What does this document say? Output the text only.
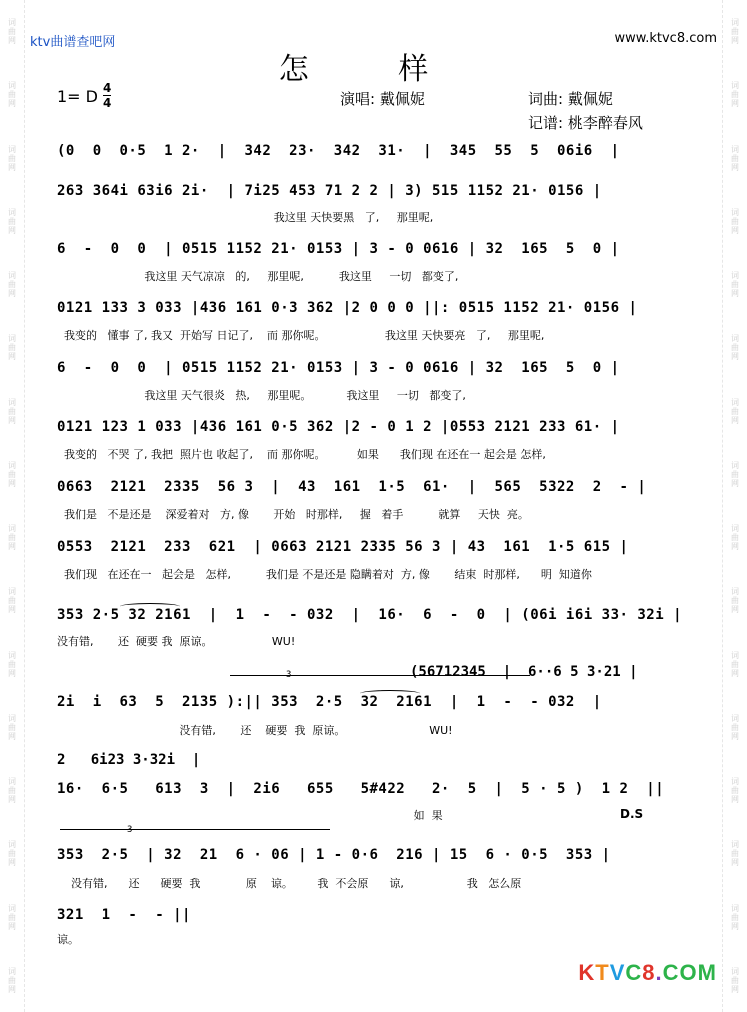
词曲网
词曲网
词曲网
词曲网
词曲网
词曲网
词曲网
词曲网
词曲网
词曲网
词曲网
词曲网
词曲网
词曲网
词曲网
词曲网
词曲网
词曲网
词曲网
词曲网
词曲网
词曲网
词曲网
词曲网
词曲网
词曲网
词曲网
词曲网
词曲网
词曲网
词曲网
词曲网
ktv曲谱查吧网	www.ktvc8.com
怎 样
1= D 4
4	演唱: 戴佩妮	词曲: 戴佩妮
记谱: 桃李醉春风
(0  0  0·5  1 2·  |  342  23·  342  31·  |  345  55  5  06i6  |
263 364i 63i6 2i·  | 7i25 453 71 2 2 | 3) 515 1152 21· 0156 |
我这里 天快要黑   了,     那里呢,
6  -  0  0  | 0515 1152 21· 0153 | 3 - 0 0616 | 32  165  5  0 |
我这里 天气凉凉   的,     那里呢,          我这里     一切   都变了,
0121 133 3 033 |436 161 0·3 362 |2 0 0 0 ||: 0515 1152 21· 0156 |
我变的   懂事 了, 我又  开始写 日记了,    而 那你呢。                 我这里 天快要亮   了,     那里呢,
6  -  0  0  | 0515 1152 21· 0153 | 3 - 0 0616 | 32  165  5  0 |
我这里 天气很炎   热,     那里呢。          我这里     一切   都变了,
0121 123 1 033 |436 161 0·5 362 |2 - 0 1 2 |0553 2121 233 61· |
我变的   不哭 了, 我把  照片也 收起了,    而 那你呢。         如果      我们现 在还在一 起会是 怎样,
0663  2121  2335  56 3  |  43  161  1·5  61·  |  565  5322  2  - |
我们是   不是还是    深爱着对   方, 像       开始   时那样,     握   着手          就算     天快  亮。
0553  2121  233  621  | 0663 2121 2335 56 3 | 43  161  1·5 615 |
我们现   在还在一   起会是   怎样,          我们是 不是还是 隐瞒着对  方, 像       结束  时那样,      明  知道你
353 2·5 32 2161  |  1  -  - 032  |  16·  6  -  0  | (06i i6i 33· 32i |
没有错,       还  硬要 我  原谅。                 WU!
(56712345  |  6··6 5 3·21 |
3
2i  i  63  5  2135 ):|| 353  2·5  32  2161  |  1  -  - 032  |
没有错,       还    硬要  我  原谅。                        WU!
2   6i23 3·32i  |
16·  6·5   613  3  |  2i6   655   5#422   2·  5  |  5 · 5 )  1 2  ||
如  果	D.S
3
353  2·5  | 32  21  6 · 06 | 1 - 0·6  216 | 15  6 · 0·5  353 |
没有错,      还      硬要  我             原    谅。       我  不会原      谅,                  我   怎么原
321  1  -  - ||
谅。
KTVC8.COM
